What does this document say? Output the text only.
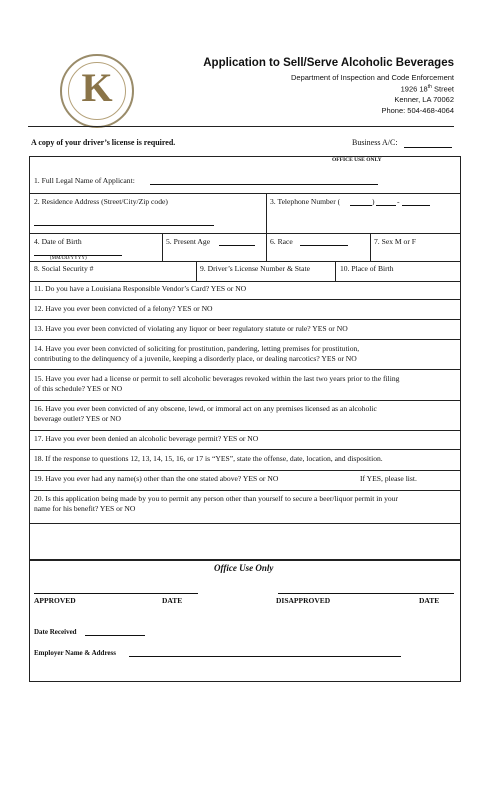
K
Application to Sell/Serve Alcoholic Beverages
Department of Inspection and Code Enforcement
1926 18th Street
Kenner, LA 70062
Phone: 504-468-4064
A copy of your driver’s license is required.	Business A/C:
OFFICE USE ONLY
1. Full Legal Name of Applicant:
2. Residence Address (Street/City/Zip code)	3. Telephone Number (	)	-
4. Date of Birth
(MM/DD/YYYY)
5. Present Age	6. Race	7. Sex M or F
8. Social Security #	9. Driver’s License Number & State	10. Place of Birth
11. Do you have a Louisiana Responsible Vendor’s Card? YES or NO
12. Have you ever been convicted of a felony? YES or NO
13. Have you ever been convicted of violating any liquor or beer regulatory statute or rule? YES or NO
14. Have you ever been convicted of soliciting for prostitution, pandering, letting premises for prostitution,
contributing to the delinquency of a juvenile, keeping a disorderly place, or dealing narcotics? YES or NO
15. Have you ever had a license or permit to sell alcoholic beverages revoked within the last two years prior to the filing
of this schedule? YES or NO
16. Have you ever been convicted of any obscene, lewd, or immoral act on any premises licensed as an alcoholic
beverage outlet? YES or NO
17. Have you ever been denied an alcoholic beverage permit? YES or NO
18. If the response to questions 12, 13, 14, 15, 16, or 17 is “YES”, state the offense, date, location, and disposition.
19. Have you ever had any name(s) other than the one stated above? YES or NO	If YES, please list.
20. Is this application being made by you to permit any person other than yourself to secure a beer/liquor permit in your
name for his benefit? YES or NO
Office Use Only
APPROVED	DATE	DISAPPROVED	DATE
Date Received
Employer Name & Address
